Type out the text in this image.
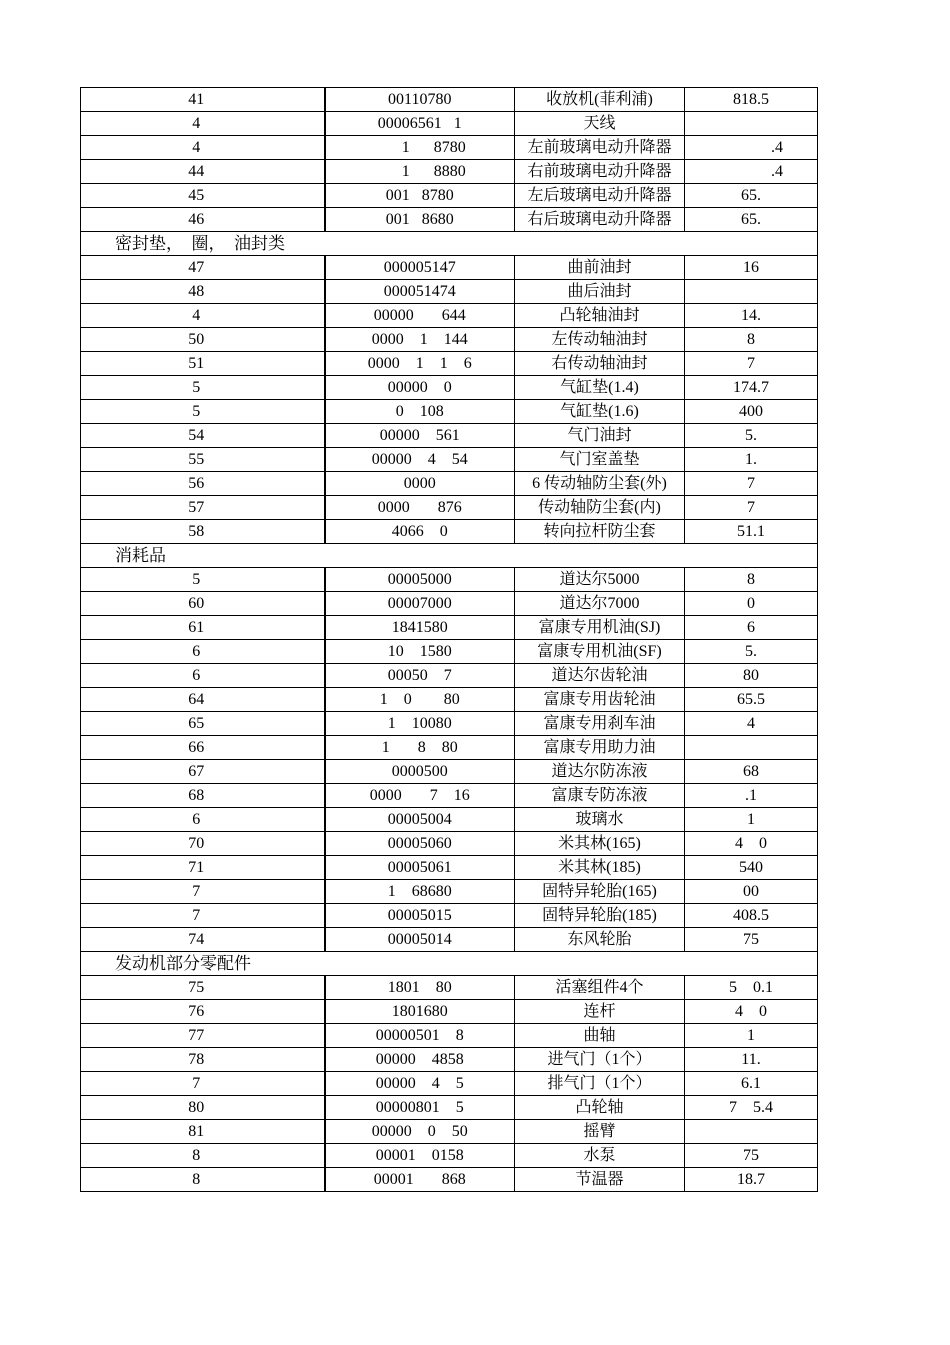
41	00110780	收放机(菲利浦)	818.5
4	00006561   1	天线	
4	1      8780	左前玻璃电动升降器	.4
44	1      8880	右前玻璃电动升降器	.4
45	001   8780	左后玻璃电动升降器	65.
46	001   8680	右后玻璃电动升降器	65.
密封垫，  圈，  油封类			
47	000005147	曲前油封	16
48	000051474	曲后油封	
4	00000       644	凸轮轴油封	14.
50	0000    1    144	左传动轴油封	8
51	0000    1    1    6	右传动轴油封	7
5	00000    0	气缸垫(1.4)	174.7
5	0    108	气缸垫(1.6)	400
54	00000    561	气门油封	5.
55	00000    4    54	气门室盖垫	1.
56	0000	6 传动轴防尘套(外)	7
57	0000       876	传动轴防尘套(内)	7
58	4066    0	转向拉杆防尘套	51.1
消耗品			
5	00005000	道达尔5000	8
60	00007000	道达尔7000	0
61	1841580	富康专用机油(SJ)	6
6	10    1580	富康专用机油(SF)	5.
6	00050    7	道达尔齿轮油	80
64	1    0        80	富康专用齿轮油	65.5
65	1    10080	富康专用刹车油	4
66	1       8    80	富康专用助力油	
67	0000500	道达尔防冻液	68
68	0000       7    16	富康专防冻液	.1
6	00005004	玻璃水	1
70	00005060	米其林(165)	4    0
71	00005061	米其林(185)	540
7	1    68680	固特异轮胎(165)	00
7	00005015	固特异轮胎(185)	408.5
74	00005014	东风轮胎	75
发动机部分零配件			
75	1801    80	活塞组件4个	5    0.1
76	1801680	连杆	4    0
77	00000501    8	曲轴	1
78	00000    4858	进气门（1个）	11.
7	00000    4    5	排气门（1个）	6.1
80	00000801    5	凸轮轴	7    5.4
81	00000    0    50	摇臂	
8	00001    0158	水泵	75
8	00001       868	节温器	18.7
